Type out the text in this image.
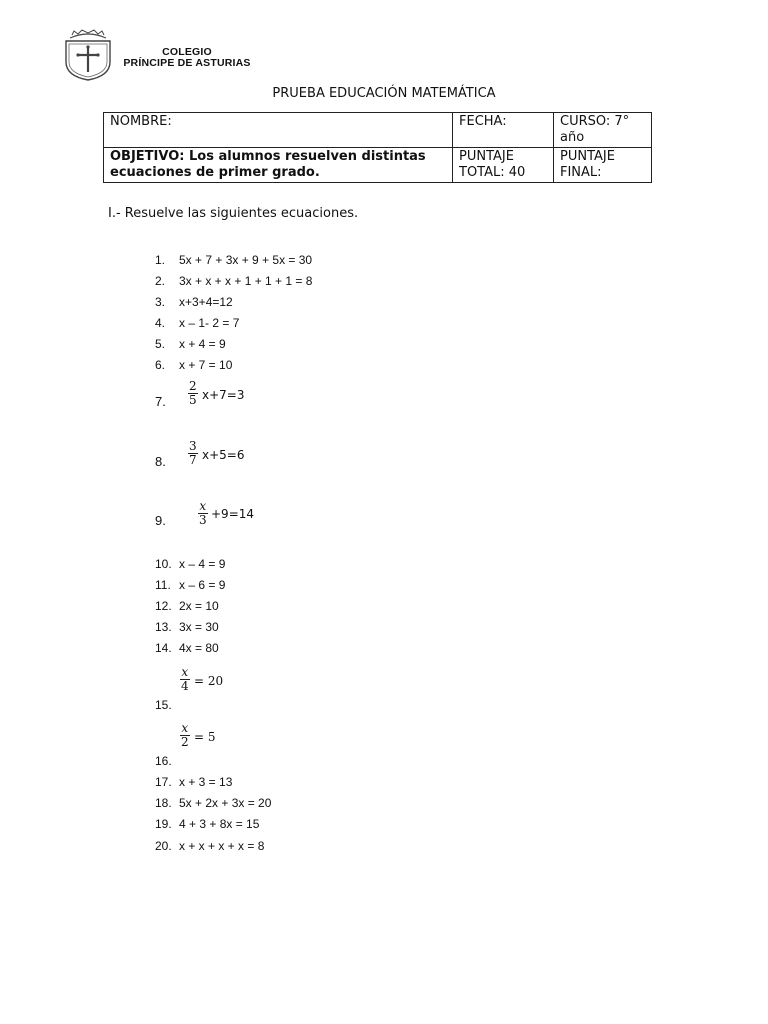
COLEGIO
PRÍNCIPE DE ASTURIAS
PRUEBA EDUCACIÓN MATEMÁTICA
NOMBRE:	FECHA:	CURSO: 7° año
OBJETIVO: Los alumnos resuelven distintas ecuaciones de primer grado.	PUNTAJE TOTAL: 40	PUNTAJE FINAL:
I.- Resuelve las siguientes ecuaciones.
1. 5x + 7 + 3x + 9 + 5x = 30
2. 3x + x + x + 1 + 1 + 1 = 8
3. x+3+4=12
4. x – 1- 2 = 7
5. x + 4 = 9
6. x + 7 = 10
7. $\frac{2}{5} x+7=3$
8. $\frac{3}{7} x+5=6$
9.	$\frac{x}{3} +9=14$
10. x – 4 = 9
11. x – 6 = 9
12. 2x = 10
13. 3x = 30
14. 4x = 80
$\frac{x}{4} = 20$
15.
$\frac{x}{2} = 5$
16.
17. x + 3 = 13
18. 5x + 2x + 3x = 20
19. 4 + 3 + 8x = 15
20. x + x + x + x = 8
